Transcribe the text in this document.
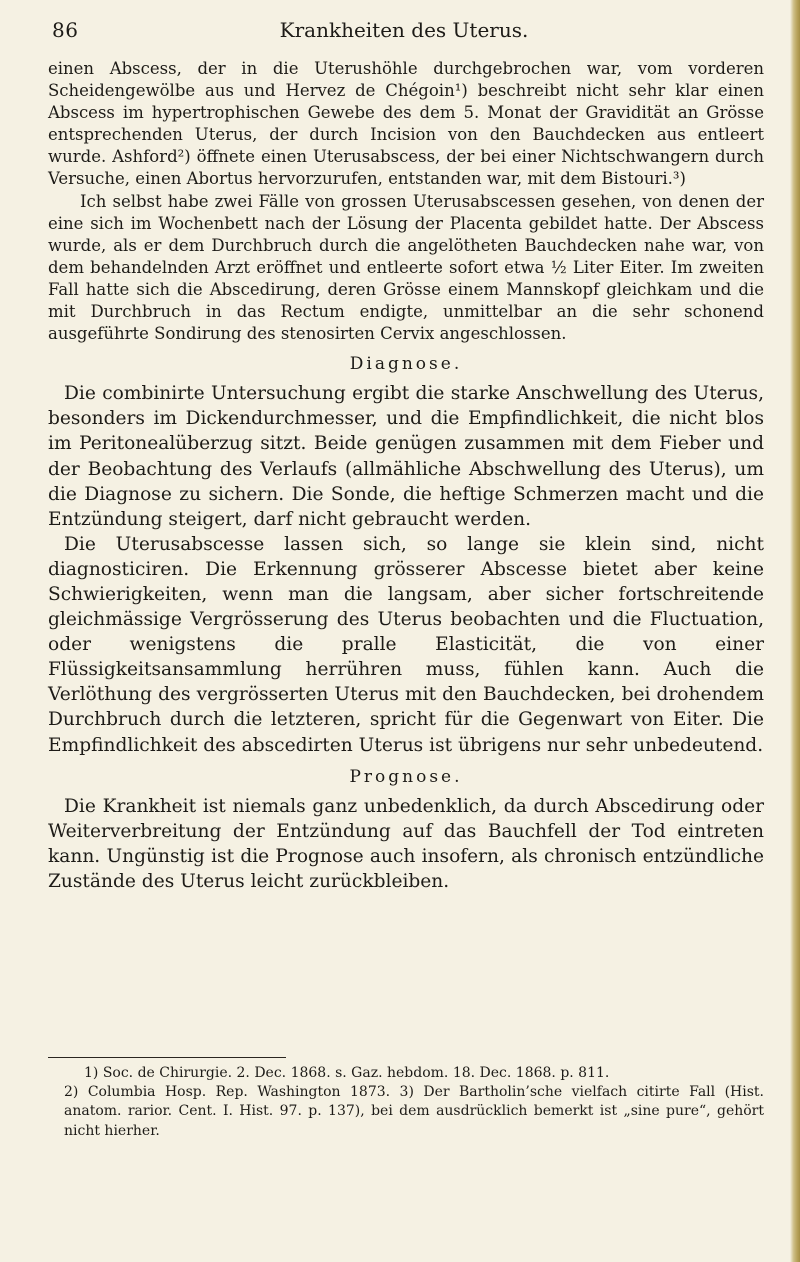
86	Krankheiten des Uterus.

einen Abscess, der in die Uterushöhle durchgebrochen war, vom vorderen Scheidengewölbe aus und Hervez de Chégoin¹) beschreibt nicht sehr klar einen Abscess im hypertrophischen Gewebe des dem 5. Monat der Gravidität an Grösse entsprechenden Uterus, der durch Incision von den Bauchdecken aus entleert wurde. Ashford²) öffnete einen Uterusabscess, der bei einer Nichtschwangern durch Versuche, einen Abortus hervorzurufen, entstanden war, mit dem Bistouri.³)

Ich selbst habe zwei Fälle von grossen Uterusabscessen gesehen, von denen der eine sich im Wochenbett nach der Lösung der Placenta gebildet hatte. Der Abscess wurde, als er dem Durchbruch durch die angelötheten Bauchdecken nahe war, von dem behandelnden Arzt eröffnet und entleerte sofort etwa ½ Liter Eiter. Im zweiten Fall hatte sich die Abscedirung, deren Grösse einem Mannskopf gleichkam und die mit Durchbruch in das Rectum endigte, unmittelbar an die sehr schonend ausgeführte Sondirung des stenosirten Cervix angeschlossen.

Diagnose.

Die combinirte Untersuchung ergibt die starke Anschwellung des Uterus, besonders im Dickendurchmesser, und die Empfindlichkeit, die nicht blos im Peritonealüberzug sitzt. Beide genügen zusammen mit dem Fieber und der Beobachtung des Verlaufs (allmähliche Abschwellung des Uterus), um die Diagnose zu sichern. Die Sonde, die heftige Schmerzen macht und die Entzündung steigert, darf nicht gebraucht werden.

Die Uterusabscesse lassen sich, so lange sie klein sind, nicht diagnosticiren. Die Erkennung grösserer Abscesse bietet aber keine Schwierigkeiten, wenn man die langsam, aber sicher fortschreitende gleichmässige Vergrösserung des Uterus beobachten und die Fluctuation, oder wenigstens die pralle Elasticität, die von einer Flüssigkeitsansammlung herrühren muss, fühlen kann. Auch die Verlöthung des vergrösserten Uterus mit den Bauchdecken, bei drohendem Durchbruch durch die letzteren, spricht für die Gegenwart von Eiter. Die Empfindlichkeit des abscedirten Uterus ist übrigens nur sehr unbedeutend.

Prognose.

Die Krankheit ist niemals ganz unbedenklich, da durch Abscedirung oder Weiterverbreitung der Entzündung auf das Bauchfell der Tod eintreten kann. Ungünstig ist die Prognose auch insofern, als chronisch entzündliche Zustände des Uterus leicht zurückbleiben.

1) Soc. de Chirurgie. 2. Dec. 1868. s. Gaz. hebdom. 18. Dec. 1868. p. 811.

2) Columbia Hosp. Rep. Washington 1873. 3) Der Bartholin’sche vielfach citirte Fall (Hist. anatom. rarior. Cent. I. Hist. 97. p. 137), bei dem ausdrücklich bemerkt ist „sine pure“, gehört nicht hierher.
